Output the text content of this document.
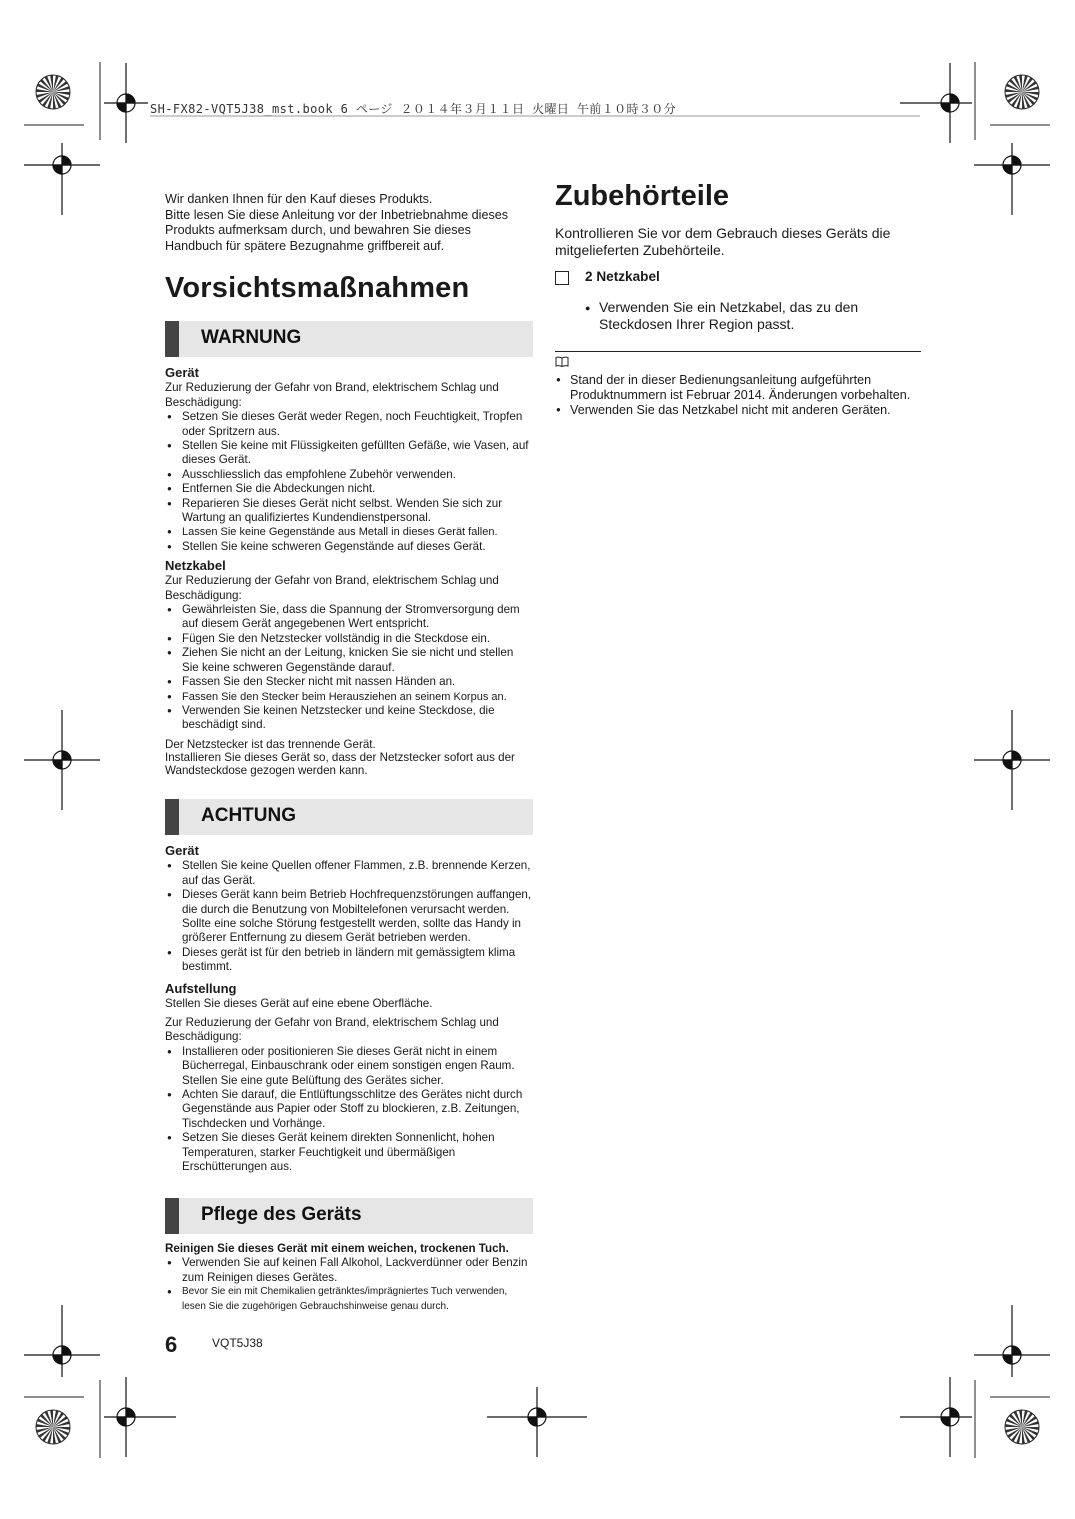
SH-FX82-VQT5J38_mst.book 6 ページ ２０１４年３月１１日 火曜日 午前１０時３０分

Wir danken Ihnen für den Kauf dieses Produkts.

Bitte lesen Sie diese Anleitung vor der Inbetriebnahme dieses

Produkts aufmerksam durch, und bewahren Sie dieses

Handbuch für spätere Bezugnahme griffbereit auf.

Vorsichtsmaßnahmen
WARNUNG
Gerät

Zur Reduzierung der Gefahr von Brand, elektrischem Schlag und Beschädigung:

● Setzen Sie dieses Gerät weder Regen, noch Feuchtigkeit, Tropfen oder Spritzern aus.
● Stellen Sie keine mit Flüssigkeiten gefüllten Gefäße, wie Vasen, auf dieses Gerät.
● Ausschliesslich das empfohlene Zubehör verwenden.
● Entfernen Sie die Abdeckungen nicht.
● Reparieren Sie dieses Gerät nicht selbst. Wenden Sie sich zur Wartung an qualifiziertes Kundendienstpersonal.
● Lassen Sie keine Gegenstände aus Metall in dieses Gerät fallen.
● Stellen Sie keine schweren Gegenstände auf dieses Gerät.
Netzkabel

Zur Reduzierung der Gefahr von Brand, elektrischem Schlag und Beschädigung:

● Gewährleisten Sie, dass die Spannung der Stromversorgung dem auf diesem Gerät angegebenen Wert entspricht.
● Fügen Sie den Netzstecker vollständig in die Steckdose ein.
● Ziehen Sie nicht an der Leitung, knicken Sie sie nicht und stellen Sie keine schweren Gegenstände darauf.
● Fassen Sie den Stecker nicht mit nassen Händen an.
● Fassen Sie den Stecker beim Herausziehen an seinem Korpus an.
● Verwenden Sie keinen Netzstecker und keine Steckdose, die beschädigt sind.

Der Netzstecker ist das trennende Gerät.

Installieren Sie dieses Gerät so, dass der Netzstecker sofort aus der Wandsteckdose gezogen werden kann.

ACHTUNG
Gerät
● Stellen Sie keine Quellen offener Flammen, z.B. brennende Kerzen, auf das Gerät.
● Dieses Gerät kann beim Betrieb Hochfrequenzstörungen auffangen, die durch die Benutzung von Mobiltelefonen verursacht werden. Sollte eine solche Störung festgestellt werden, sollte das Handy in größerer Entfernung zu diesem Gerät betrieben werden.
● Dieses gerät ist für den betrieb in ländern mit gemässigtem klima bestimmt.
Aufstellung

Stellen Sie dieses Gerät auf eine ebene Oberfläche.

Zur Reduzierung der Gefahr von Brand, elektrischem Schlag und Beschädigung:

● Installieren oder positionieren Sie dieses Gerät nicht in einem Bücherregal, Einbauschrank oder einem sonstigen engen Raum. Stellen Sie eine gute Belüftung des Gerätes sicher.
● Achten Sie darauf, die Entlüftungsschlitze des Gerätes nicht durch Gegenstände aus Papier oder Stoff zu blockieren, z.B. Zeitungen, Tischdecken und Vorhänge.
● Setzen Sie dieses Gerät keinem direkten Sonnenlicht, hohen Temperaturen, starker Feuchtigkeit und übermäßigen Erschütterungen aus.
Pflege des Geräts
Reinigen Sie dieses Gerät mit einem weichen, trockenen Tuch.
● Verwenden Sie auf keinen Fall Alkohol, Lackverdünner oder Benzin zum Reinigen dieses Gerätes.
● Bevor Sie ein mit Chemikalien getränktes/imprägniertes Tuch verwenden, lesen Sie die zugehörigen Gebrauchshinweise genau durch.
Zubehörteile

Kontrollieren Sie vor dem Gebrauch dieses Geräts die mitgelieferten Zubehörteile.

2 Netzkabel
● Verwenden Sie ein Netzkabel, das zu den Steckdosen Ihrer Region passt.
● Stand der in dieser Bedienungsanleitung aufgeführten Produktnummern ist Februar 2014. Änderungen vorbehalten.
● Verwenden Sie das Netzkabel nicht mit anderen Geräten.
6	VQT5J38
